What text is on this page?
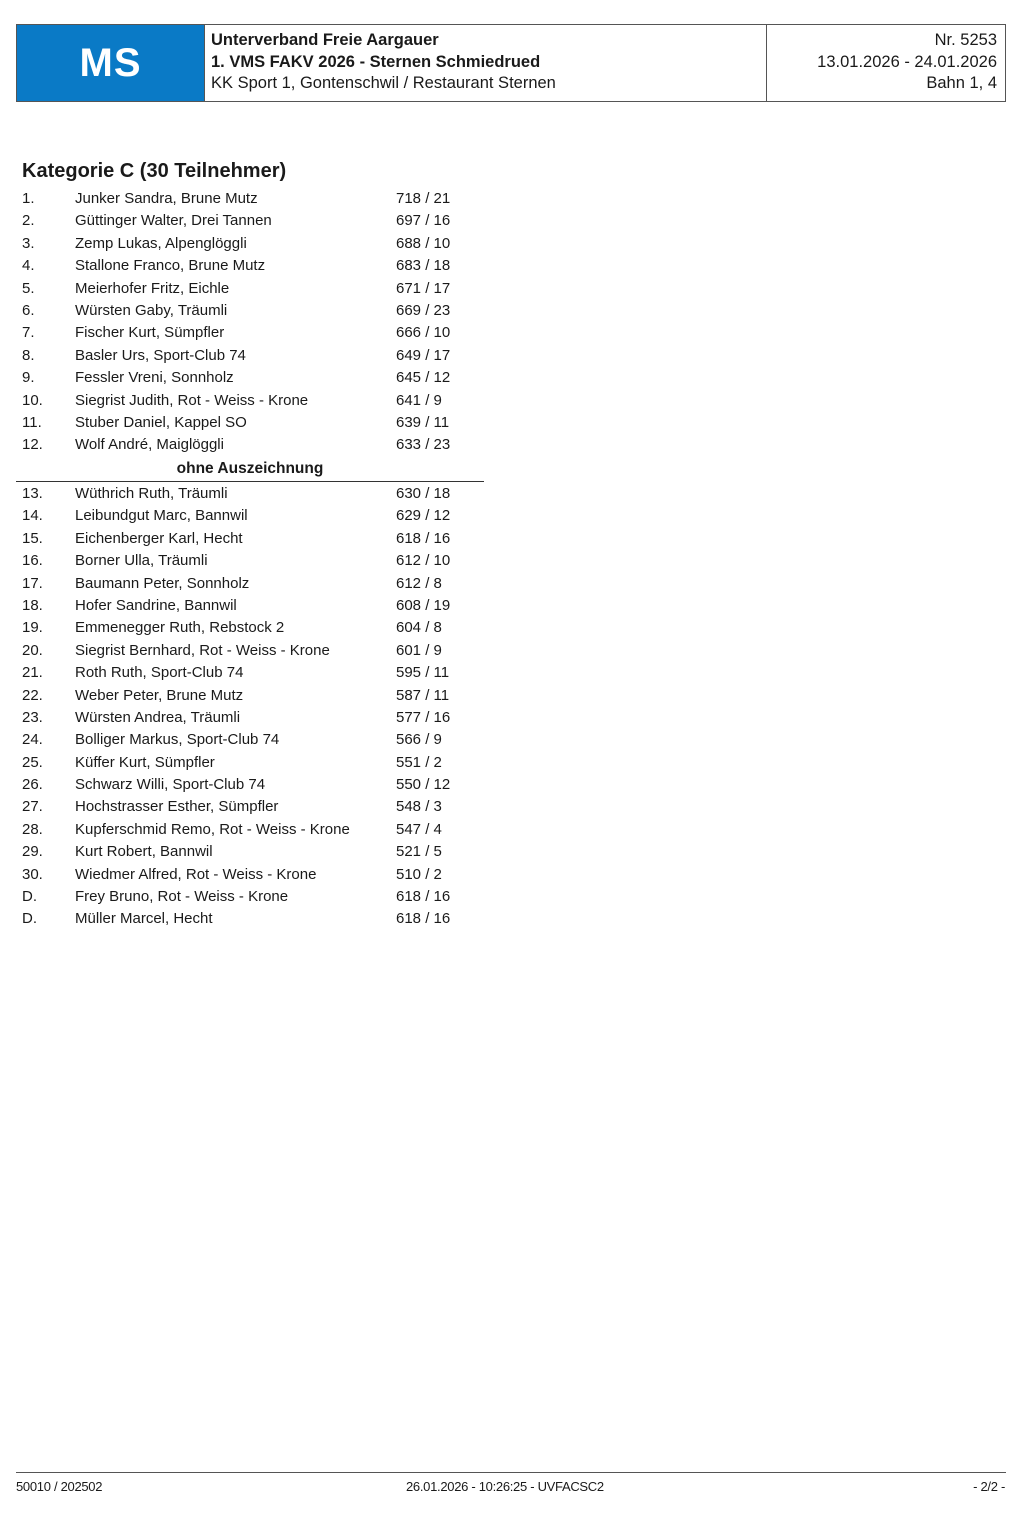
MS
Unterverband Freie Aargauer
1. VMS FAKV 2026 - Sternen Schmiedrued
KK Sport 1, Gontenschwil / Restaurant Sternen
Nr. 5253
13.01.2026 - 24.01.2026
Bahn 1, 4
Kategorie C (30 Teilnehmer)
1.	Junker Sandra, Brune Mutz	718 / 21
2.	Güttinger Walter, Drei Tannen	697 / 16
3.	Zemp Lukas, Alpenglöggli	688 / 10
4.	Stallone Franco, Brune Mutz	683 / 18
5.	Meierhofer Fritz, Eichle	671 / 17
6.	Würsten Gaby, Träumli	669 / 23
7.	Fischer Kurt, Sümpfler	666 / 10
8.	Basler Urs, Sport-Club 74	649 / 17
9.	Fessler Vreni, Sonnholz	645 / 12
10. Siegrist Judith, Rot - Weiss - Krone	641 / 9
11. Stuber Daniel, Kappel SO	639 / 11
12. Wolf André, Maiglöggli	633 / 23
ohne Auszeichnung
13. Wüthrich Ruth, Träumli	630 / 18
14. Leibundgut Marc, Bannwil	629 / 12
15. Eichenberger Karl, Hecht	618 / 16
16. Borner Ulla, Träumli	612 / 10
17. Baumann Peter, Sonnholz	612 / 8
18. Hofer Sandrine, Bannwil	608 / 19
19. Emmenegger Ruth, Rebstock 2	604 / 8
20. Siegrist Bernhard, Rot - Weiss - Krone	601 / 9
21. Roth Ruth, Sport-Club 74	595 / 11
22. Weber Peter, Brune Mutz	587 / 11
23. Würsten Andrea, Träumli	577 / 16
24. Bolliger Markus, Sport-Club 74	566 / 9
25. Küffer Kurt, Sümpfler	551 / 2
26. Schwarz Willi, Sport-Club 74	550 / 12
27. Hochstrasser Esther, Sümpfler	548 / 3
28. Kupferschmid Remo, Rot - Weiss - Krone	547 / 4
29. Kurt Robert, Bannwil	521 / 5
30. Wiedmer Alfred, Rot - Weiss - Krone	510 / 2
D.	Frey Bruno, Rot - Weiss - Krone	618 / 16
D.	Müller Marcel, Hecht	618 / 16
50010 / 202502	26.01.2026 - 10:26:25 - UVFACSC2	- 2/2 -
